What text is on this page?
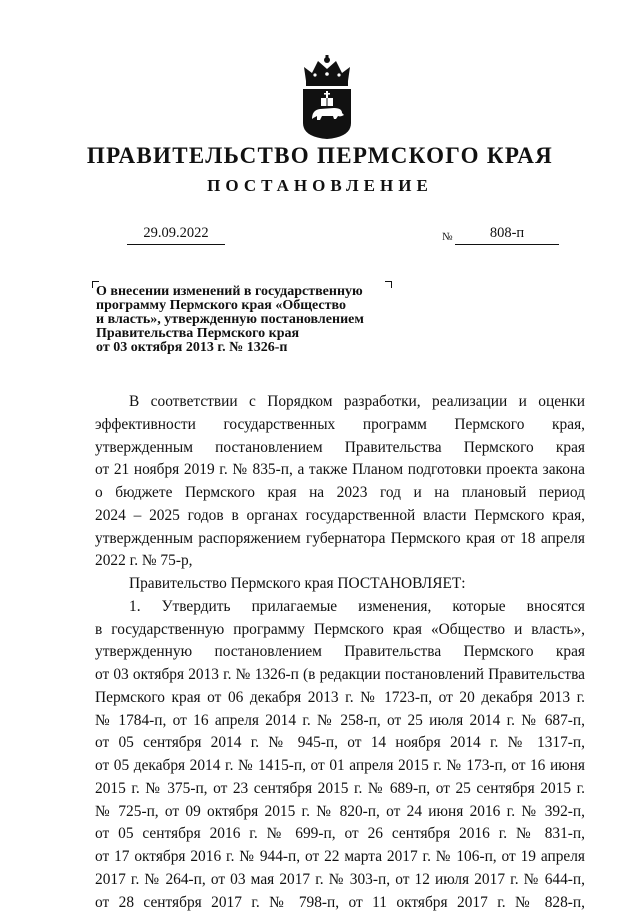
ПРАВИТЕЛЬСТВО ПЕРМСКОГО КРАЯ
ПОСТАНОВЛЕНИЕ
29.09.2022	№	808-п
О внесении изменений в государственную
программу Пермского края «Общество
и власть», утвержденную постановлением
Правительства Пермского края
от 03 октября 2013 г. № 1326-п
В соответствии с Порядком разработки, реализации и оценки
эффективности государственных программ Пермского края,
утвержденным постановлением Правительства Пермского края
от 21 ноября 2019 г. № 835-п, а также Планом подготовки проекта закона
о бюджете Пермского края на 2023 год и на плановый период
2024 – 2025 годов в органах государственной власти Пермского края,
утвержденным распоряжением губернатора Пермского края от 18 апреля
2022 г. № 75-р,
Правительство Пермского края ПОСТАНОВЛЯЕТ:
1. Утвердить прилагаемые изменения, которые вносятся
в государственную программу Пермского края «Общество и власть»,
утвержденную постановлением Правительства Пермского края
от 03 октября 2013 г. № 1326-п (в редакции постановлений Правительства
Пермского края от 06 декабря 2013 г. № 1723-п, от 20 декабря 2013 г.
№ 1784-п, от 16 апреля 2014 г. № 258-п, от 25 июля 2014 г. № 687-п,
от 05 сентября 2014 г. № 945-п, от 14 ноября 2014 г. № 1317-п,
от 05 декабря 2014 г. № 1415-п, от 01 апреля 2015 г. № 173-п, от 16 июня
2015 г. № 375-п, от 23 сентября 2015 г. № 689-п, от 25 сентября 2015 г.
№ 725-п, от 09 октября 2015 г. № 820-п, от 24 июня 2016 г. № 392-п,
от 05 сентября 2016 г. № 699-п, от 26 сентября 2016 г. № 831-п,
от 17 октября 2016 г. № 944-п, от 22 марта 2017 г. № 106-п, от 19 апреля
2017 г. № 264-п, от 03 мая 2017 г. № 303-п, от 12 июля 2017 г. № 644-п,
от 28 сентября 2017 г. № 798-п, от 11 октября 2017 г. № 828-п,
